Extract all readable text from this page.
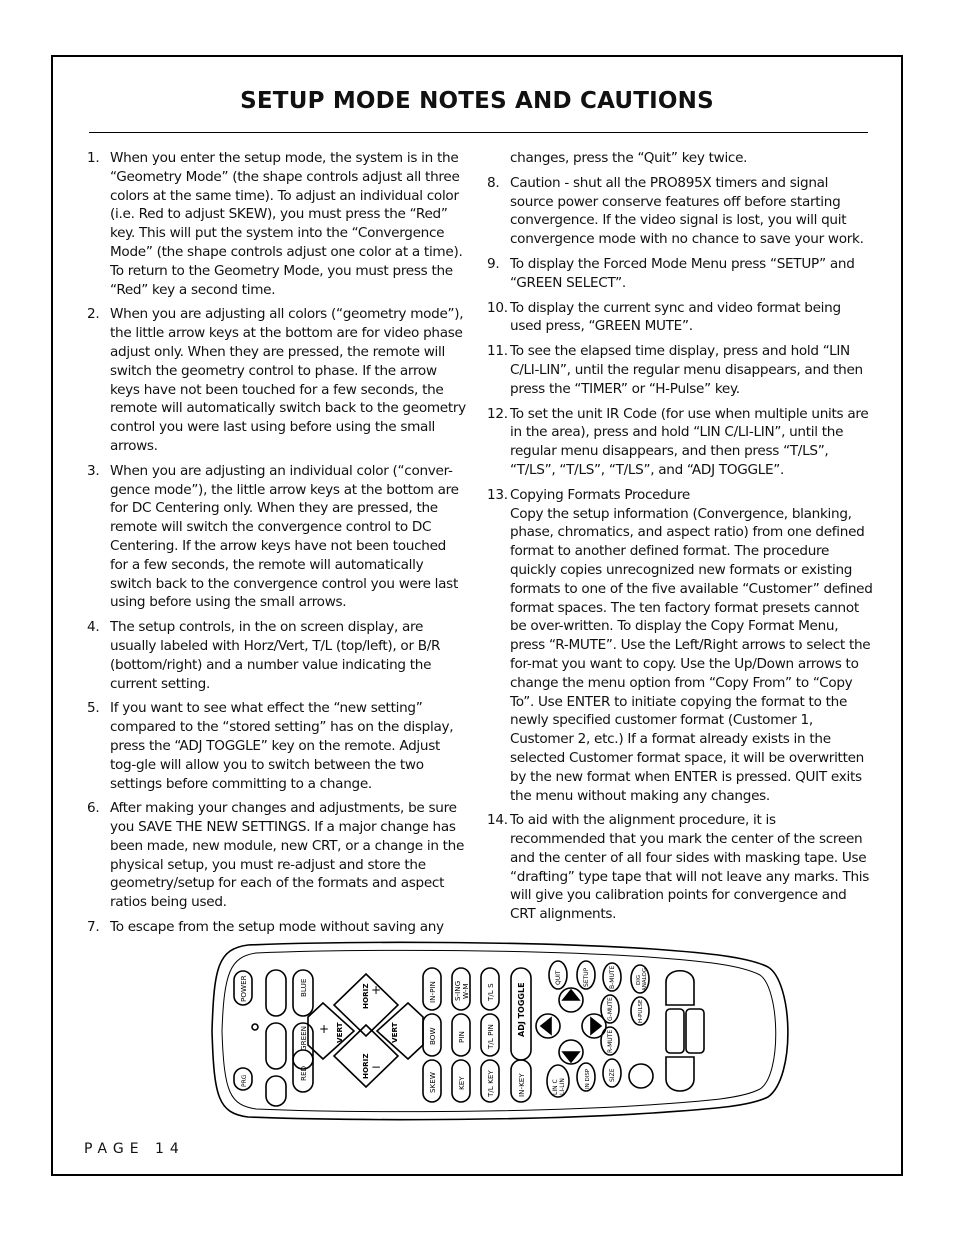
SETUP MODE NOTES AND CAUTIONS
1. When you enter the setup mode, the system is in the “Geometry Mode” (the shape controls adjust all three colors at the same time). To adjust an individual color (i.e. Red to adjust SKEW), you must press the “Red” key. This will put the system into the “Convergence Mode” (the shape controls adjust one color at a time). To return to the Geometry Mode, you must press the “Red” key a second time.

2. When you are adjusting all colors (“geometry mode”), the little arrow keys at the bottom are for video phase adjust only. When they are pressed, the remote will switch the geometry control to phase. If the arrow keys have not been touched for a few seconds, the remote will automatically switch back to the geometry control you were last using before using the small arrows.

3. When you are adjusting an individual color (“conver-gence mode”), the little arrow keys at the bottom are for DC Centering only. When they are pressed, the remote will switch the convergence control to DC Centering. If the arrow keys have not been touched for a few seconds, the remote will automatically switch back to the convergence control you were last using before using the small arrows.

4. The setup controls, in the on screen display, are usually labeled with Horz/Vert, T/L (top/left), or B/R (bottom/right) and a number value indicating the current setting.

5. If you want to see what effect the “new setting” compared to the “stored setting” has on the display, press the “ADJ TOGGLE” key on the remote. Adjust tog-gle will allow you to switch between the two settings before committing to a change.

6. After making your changes and adjustments, be sure you SAVE THE NEW SETTINGS. If a major change has been made, new module, new CRT, or a change in the physical setup, you must re-adjust and store the geometry/setup for each of the formats and aspect ratios being used.

7. To escape from the setup mode without saving any

changes, press the “Quit” key twice.

8. Caution - shut all the PRO895X timers and signal source power conserve features off before starting convergence. If the video signal is lost, you will quit convergence mode with no chance to save your work.

9. To display the Forced Mode Menu press “SETUP” and “GREEN SELECT”.

10. To display the current sync and video format being used press, “GREEN MUTE”.

11. To see the elapsed time display, press and hold “LIN C/LI-LIN”, until the regular menu disappears, and then press the “TIMER” or “H-Pulse” key.

12. To set the unit IR Code (for use when multiple units are in the area), press and hold “LIN C/LI-LIN”, until the regular menu disappears, and then press “T/LS”, “T/LS”, “T/LS”, “T/LS”, and “ADJ TOGGLE”.

13. Copying Formats Procedure

Copy the setup information (Convergence, blanking, phase, chromatics, and aspect ratio) from one defined format to another defined format. The procedure quickly copies unrecognized new formats or existing formats to one of the five available “Customer” defined format spaces. The ten factory format presets cannot be over-written. To display the Copy Format Menu, press “R-MUTE”. Use the Left/Right arrows to select the for-mat you want to copy. Use the Up/Down arrows to change the menu option from “Copy From” to “Copy To”. Use ENTER to initiate copying the format to the newly specified customer format (Customer 1, Customer 2, etc.) If a format already exists in the selected Customer format space, it will be overwritten by the new format when ENTER is pressed. QUIT exits the menu without making any changes.

14. To aid with the alignment procedure, it is recommended that you mark the center of the screen and the center of all four sides with masking tape. Use “drafting” type tape that will not leave any marks. This will give you calibration points for convergence and CRT alignments.

POWER
PRG
BLUE
GREEN
RED
HORIZ
HORIZ
VERT	VERT
+
+
−
IN-PIN
BOW
SKEW
S-ING W-M
PIN
KEY
T/L S
T/L PIN
T/L KEY
ADJ TOGGLE
IN-KEY
QUIT	SETUP	B-MUTE
G-MUTE
R-MUTE
LIN C LI-LIN	IN DISP	SIZE
DIG ANALOG
H-PULSE
PAGE 14
